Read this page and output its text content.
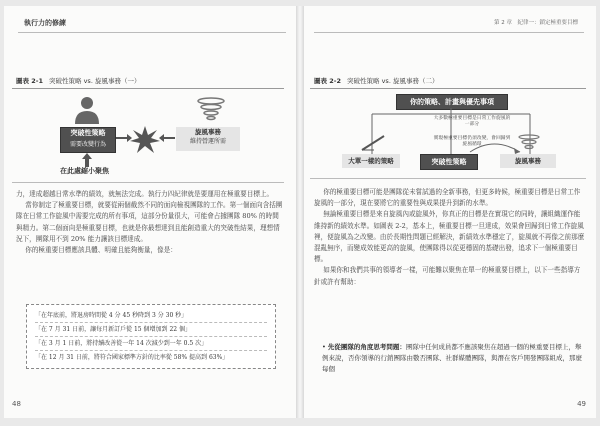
執行力的修練
圖表 2-1 突破性策略 vs. 旋風事務（一）
突破性策略
需要改變行為
旋風事務
維持營運所需
在此處縮小聚焦

力，達成超越日常水準的績效，就無法完成。執行力四紀律就是要運用在極重要目標上。

當你制定了極重要目標，就要從兩個截然不同的面向檢視團隊的工作。第一個面向含括團隊在日常工作旋風中需要完成的所有事項，這部分份量很大，可能會占據團隊 80% 的時間與精力。第二個面向是極重要目標，也就是你最想達到且能創造重大的突破性結果，理想情況下，團隊用不到 20% 能力讓該目標達成。

你的極重要目標應該具體、明確且能夠衡量，像是：

「在年底前，將退房時間從 4 分 45 秒降到 3 分 30 秒」
「在 7 月 31 日前，讓每月新訂戶從 15 個增加到 22 個」
「在 3 月 1 日前，將持續改善從一年 14 次減少到一年 0.5 次」
「在 12 月 31 日前，將符合國家標準方針的比率從 58% 提高到 63%」
48
第 2 章　紀律一：鎖定極重要目標
圖表 2-2 突破性策略 vs. 旋風事務（二）
你的策略、計畫與優先事項
大多數極重要目標是日常工作旋風的一部分
實現極重要目標仍須改變，會回歸到旋風循環
大單一樣的策略	突破性策略	旋風事務

你的極重要目標可能是團隊從未嘗試過的全新事務，但更多時候，極重要目標是日常工作旋風的一部分，現在要將它的重要性與成果提升到新的水準。

無論極重要目標是來自旋風內或旋風外，你真正的目標是在實現它的同時，讓組織運作能維持新的績效水準。如圖表 2-2，基本上，極重要目標一旦達成，效果會回歸到日常工作旋風裡，便旋風為之改變。由於長期性問題已經解決，新績效水準穩定了，旋風就不再像之前那麼混亂無序，而變成效能更高的旋風，使團隊得以從更穩固的基礎出發，追求下一個極重要目標。

如果你和我們共事的領導者一樣，可能難以聚焦在單一的極重要目標上，以下一些指導方針或許有幫助：

• 先從團隊的角度思考問題：團隊中任何成員都不應該聚焦在超過一個的極重要目標上，舉例來說，否你領導的行銷團隊由數否團隊、社群媒體團隊，與潛在客戶開發團隊組成，那麼每個
49
